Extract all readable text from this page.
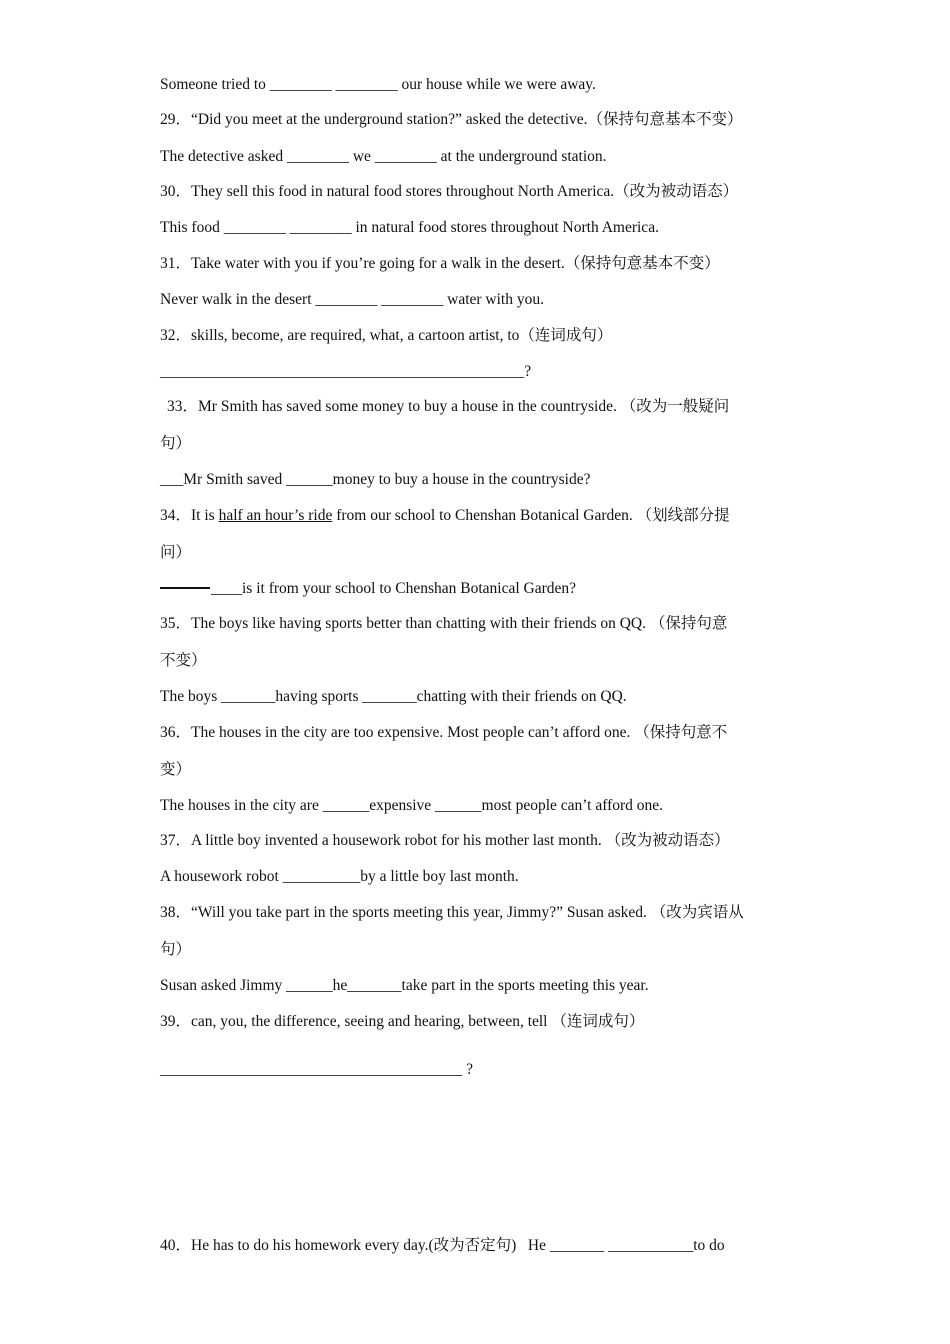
Someone tried to ________ ________ our house while we were away.
29．“Did you meet at the underground station?” asked the detective.（保持句意基本不变）
The detective asked ________ we ________ at the underground station.
30．They sell this food in natural food stores throughout North America.（改为被动语态）
This food ________ ________ in natural food stores throughout North America.
31．Take water with you if you’re going for a walk in the desert.（保持句意基本不变）
Never walk in the desert ________ ________ water with you.
32．skills, become, are required, what, a cartoon artist, to（连词成句）
_______________________________________________?
33．Mr Smith has saved some money to buy a house in the countryside. （改为一般疑问
句）
___Mr Smith saved ______money to buy a house in the countryside?
34．It is half an hour’s ride from our school to Chenshan Botanical Garden. （划线部分提
问）
____is it from your school to Chenshan Botanical Garden?
35．The boys like having sports better than chatting with their friends on QQ. （保持句意
不变）
The boys _______having sports _______chatting with their friends on QQ.
36．The houses in the city are too expensive. Most people can’t afford one. （保持句意不
变）
The houses in the city are ______expensive ______most people can’t afford one.
37．A little boy invented a housework robot for his mother last month. （改为被动语态）
A housework robot __________by a little boy last month.
38．“Will you take part in the sports meeting this year, Jimmy?” Susan asked. （改为宾语从
句）
Susan asked Jimmy ______he_______take part in the sports meeting this year.
39．can, you, the difference, seeing and hearing, between, tell （连词成句）
_______________________________________ ?
40．He has to do his homework every day.(改为否定句)   He _______ ___________to do
